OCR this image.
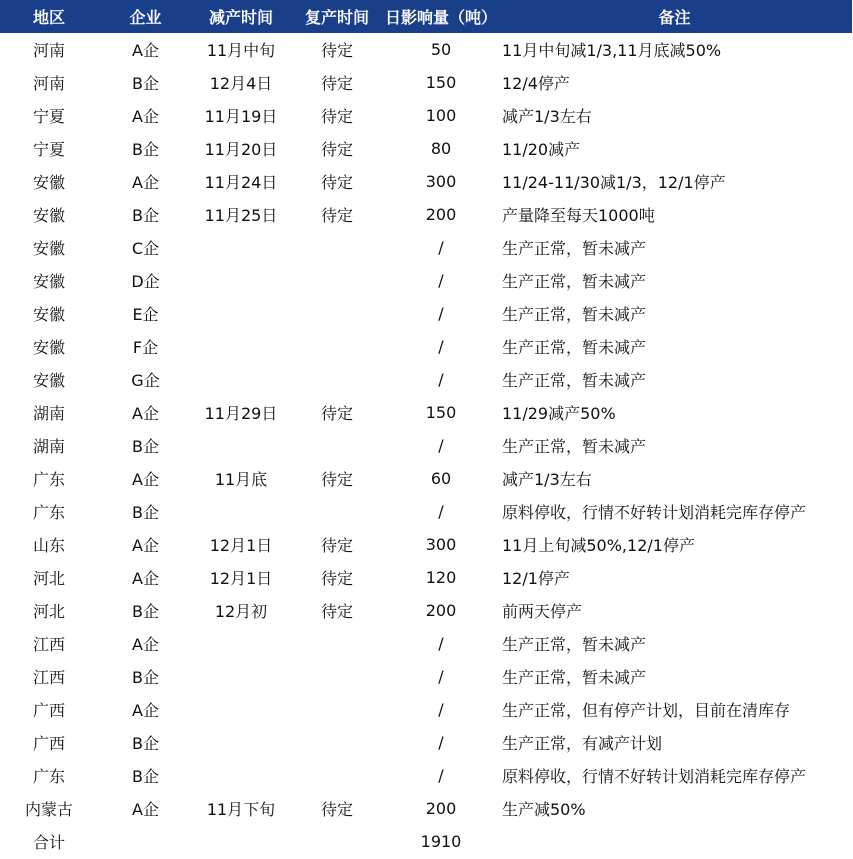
地区	企业	减产时间	复产时间	日影响量（吨）	备注
河南	A企	11月中旬	待定	50	11月中旬减1/3,11月底减50%
河南	B企	12月4日	待定	150	12/4停产
宁夏	A企	11月19日	待定	100	减产1/3左右
宁夏	B企	11月20日	待定	80	11/20减产
安徽	A企	11月24日	待定	300	11/24-11/30减1/3，12/1停产
安徽	B企	11月25日	待定	200	产量降至每天1000吨
安徽	C企			/	生产正常，暂未减产
安徽	D企			/	生产正常，暂未减产
安徽	E企			/	生产正常，暂未减产
安徽	F企			/	生产正常，暂未减产
安徽	G企			/	生产正常，暂未减产
湖南	A企	11月29日	待定	150	11/29减产50%
湖南	B企			/	生产正常，暂未减产
广东	A企	11月底	待定	60	减产1/3左右
广东	B企			/	原料停收，行情不好转计划消耗完库存停产
山东	A企	12月1日	待定	300	11月上旬减50%,12/1停产
河北	A企	12月1日	待定	120	12/1停产
河北	B企	12月初	待定	200	前两天停产
江西	A企			/	生产正常，暂未减产
江西	B企			/	生产正常，暂未减产
广西	A企			/	生产正常，但有停产计划，目前在清库存
广西	B企			/	生产正常，有减产计划
广东	B企			/	原料停收，行情不好转计划消耗完库存停产
内蒙古	A企	11月下旬	待定	200	生产减50%
合计				1910	
